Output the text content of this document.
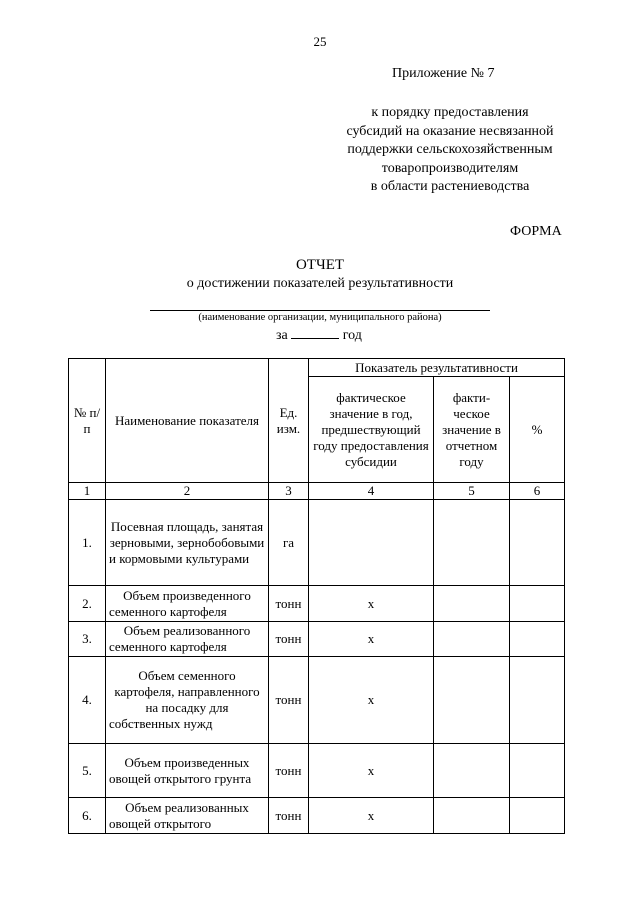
25
Приложение № 7
к порядку предоставления
субсидий на оказание несвязанной
поддержки сельскохозяйственным
товаропроизводителям
в области растениеводства
ФОРМА
ОТЧЕТ
о достижении показателей результативности
(наименование организации, муниципального района)
за	год
№ п/п	Наименование показателя	Ед. изм.	Показатель результативности		
			фактическое значение в год, предшествующий году предоставления субсидии	факти-ческое значение в отчетном году	%
1	2	3	4	5	6
1.	Посевная площадь, занятая зерновыми, зернобобовыми и кормовыми культурами	га			
2.	Объем произведенного семенного картофеля	тонн	х		
3.	Объем реализованного семенного картофеля	тонн	х		
4.	Объем семенного картофеля, направленного на посадку для собственных нужд	тонн	х		
5.	Объем произведенных овощей открытого грунта	тонн	х		
6.	Объем реализованных овощей открытого	тонн	х		
